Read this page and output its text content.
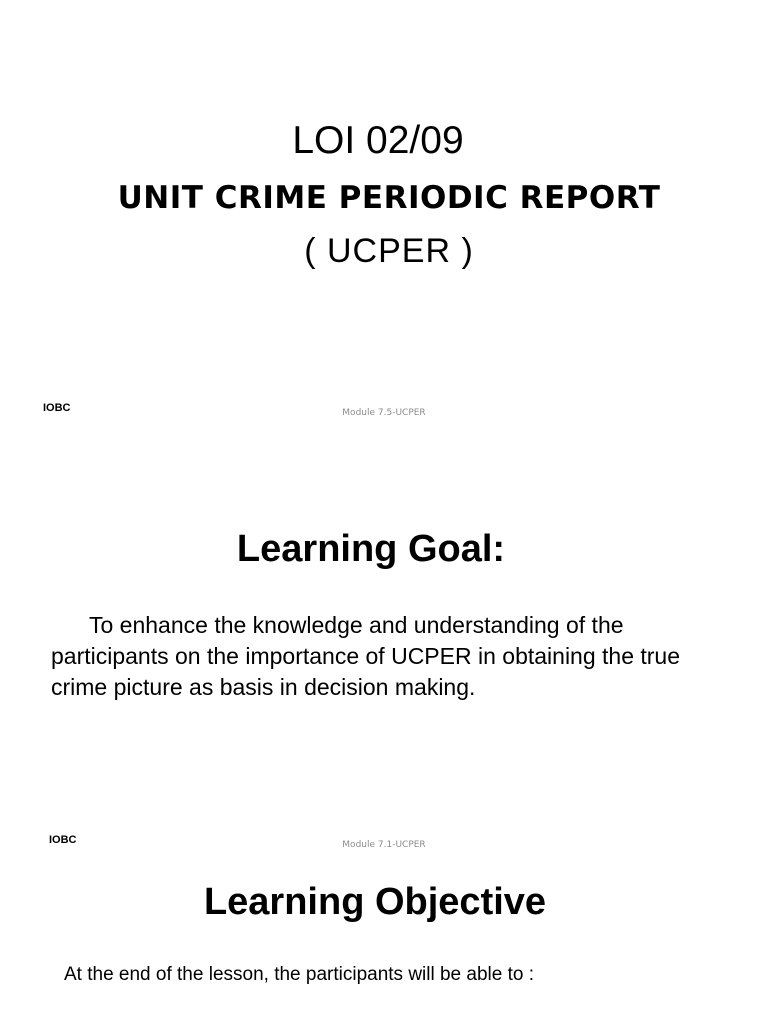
LOI 02/09
UNIT CRIME PERIODIC REPORT
( UCPER )
IOBC	Module 7.5-UCPER
Learning Goal:

To enhance the knowledge and understanding of the participants on the importance of UCPER in obtaining the true crime picture as basis in decision making.

IOBC	Module 7.1-UCPER
Learning Objective

At the end of the lesson, the participants will be able to :
